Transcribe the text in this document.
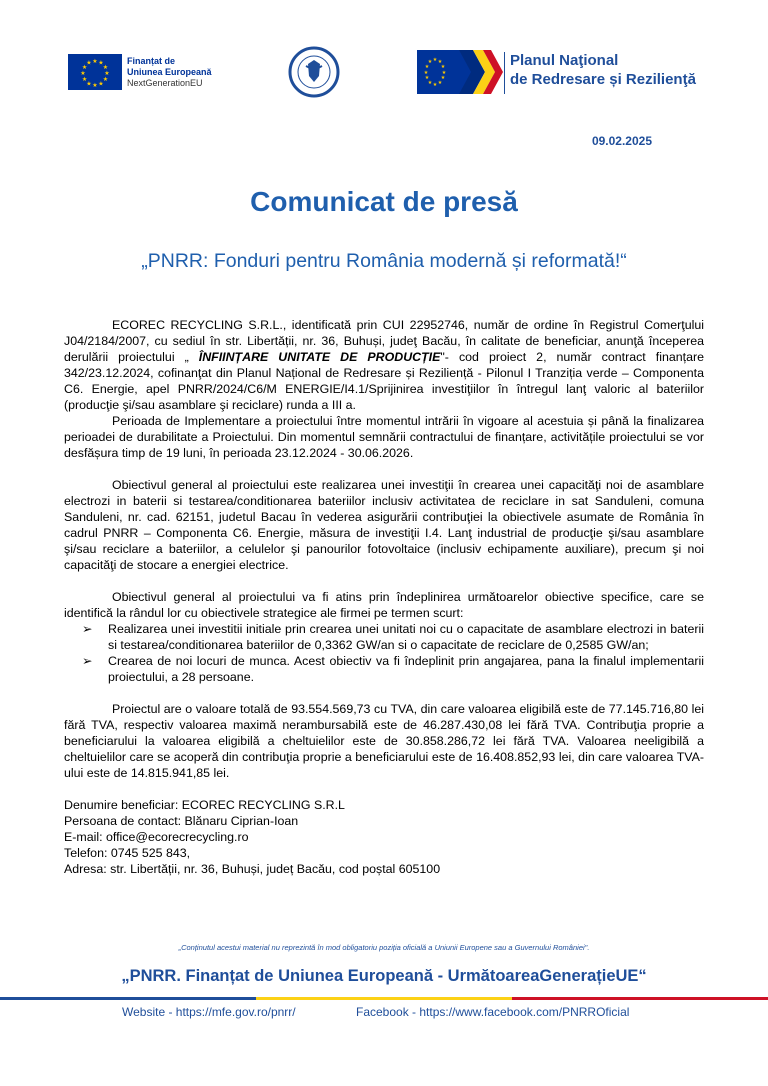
★ ★
★
★
★
★
★
★
★
★
★
★	Finanțat de
Uniunea Europeană
NextGenerationEU
★ ★
★
★
★
★
★
★
★
★
★
★	Planul Naţional
de Redresare și Rezilienţă
09.02.2025
Comunicat de presă
„PNRR: Fonduri pentru România modernă și reformată!“

ECOREC RECYCLING S.R.L., identificată prin CUI 22952746, număr de ordine în Registrul Comerţului J04/2184/2007, cu sediul în str. Libertății, nr. 36, Buhuși, judeţ Bacău, în calitate de beneficiar, anunţă începerea derulării proiectului „ ÎNFIINȚARE UNITATE DE PRODUCȚIE"- cod proiect 2, număr contract finanțare 342/23.12.2024, cofinanţat din Planul Național de Redresare și Reziliență - Pilonul I Tranziția verde – Componenta C6. Energie, apel PNRR/2024/C6/M ENERGIE/I4.1/Sprijinirea investiţiilor în întregul lanţ valoric al bateriilor (producţie şi/sau asamblare şi reciclare) runda a III a.

Perioada de Implementare a proiectului între momentul intrării în vigoare al acestuia și până la finalizarea perioadei de durabilitate a Proiectului. Din momentul semnării contractului de finanțare, activitățile proiectului se vor desfășura timp de 19 luni, în perioada 23.12.2024 - 30.06.2026.

Obiectivul general al proiectului este realizarea unei investiţii în crearea unei capacităţi noi de asamblare electrozi in baterii si testarea/conditionarea bateriilor inclusiv activitatea de reciclare in sat Sanduleni, comuna Sanduleni, nr. cad. 62151, judetul Bacau în vederea asigurării contribuţiei la obiectivele asumate de România în cadrul PNRR – Componenta C6. Energie, măsura de investiţii I.4. Lanţ industrial de producţie şi/sau asamblare şi/sau reciclare a bateriilor, a celulelor şi panourilor fotovoltaice (inclusiv echipamente auxiliare), precum şi noi capacităţi de stocare a energiei electrice.

Obiectivul general al proiectului va fi atins prin îndeplinirea următoarelor obiective specifice, care se identifică la rândul lor cu obiectivele strategice ale firmei pe termen scurt:

➢ Realizarea unei investitii initiale prin crearea unei unitati noi cu o capacitate de asamblare electrozi in baterii si testarea/conditionarea bateriilor de 0,3362 GW/an si o capacitate de reciclare de 0,2585 GW/an;
➢ Crearea de noi locuri de munca. Acest obiectiv va fi îndeplinit prin angajarea, pana la finalul implementarii proiectului, a 28 persoane.

Proiectul are o valoare totală de 93.554.569,73 cu TVA, din care valoarea eligibilă este de 77.145.716,80 lei fără TVA, respectiv valoarea maximă nerambursabilă este de 46.287.430,08 lei fără TVA. Contribuţia proprie a beneficiarului la valoarea eligibilă a cheltuielilor este de 30.858.286,72 lei fără TVA. Valoarea neeligibilă a cheltuielilor care se acoperă din contribuţia proprie a beneficiarului este de 16.408.852,93 lei, din care valoarea TVA-ului este de 14.815.941,85 lei.

Denumire beneficiar: ECOREC RECYCLING S.R.L

Persoana de contact: Blănaru Ciprian-Ioan

E-mail: office@ecorecrecycling.ro

Telefon: 0745 525 843,

Adresa: str. Libertății, nr. 36, Buhuși, județ Bacău, cod poștal 605100

„Conținutul acestui material nu reprezintă în mod obligatoriu poziția oficială a Uniunii Europene sau a Guvernului României".
„PNRR. Finanțat de Uniunea Europeană - UrmătoareaGenerațieUE“
Website - https://mfe.gov.ro/pnrr/	Facebook - https://www.facebook.com/PNRROficial
